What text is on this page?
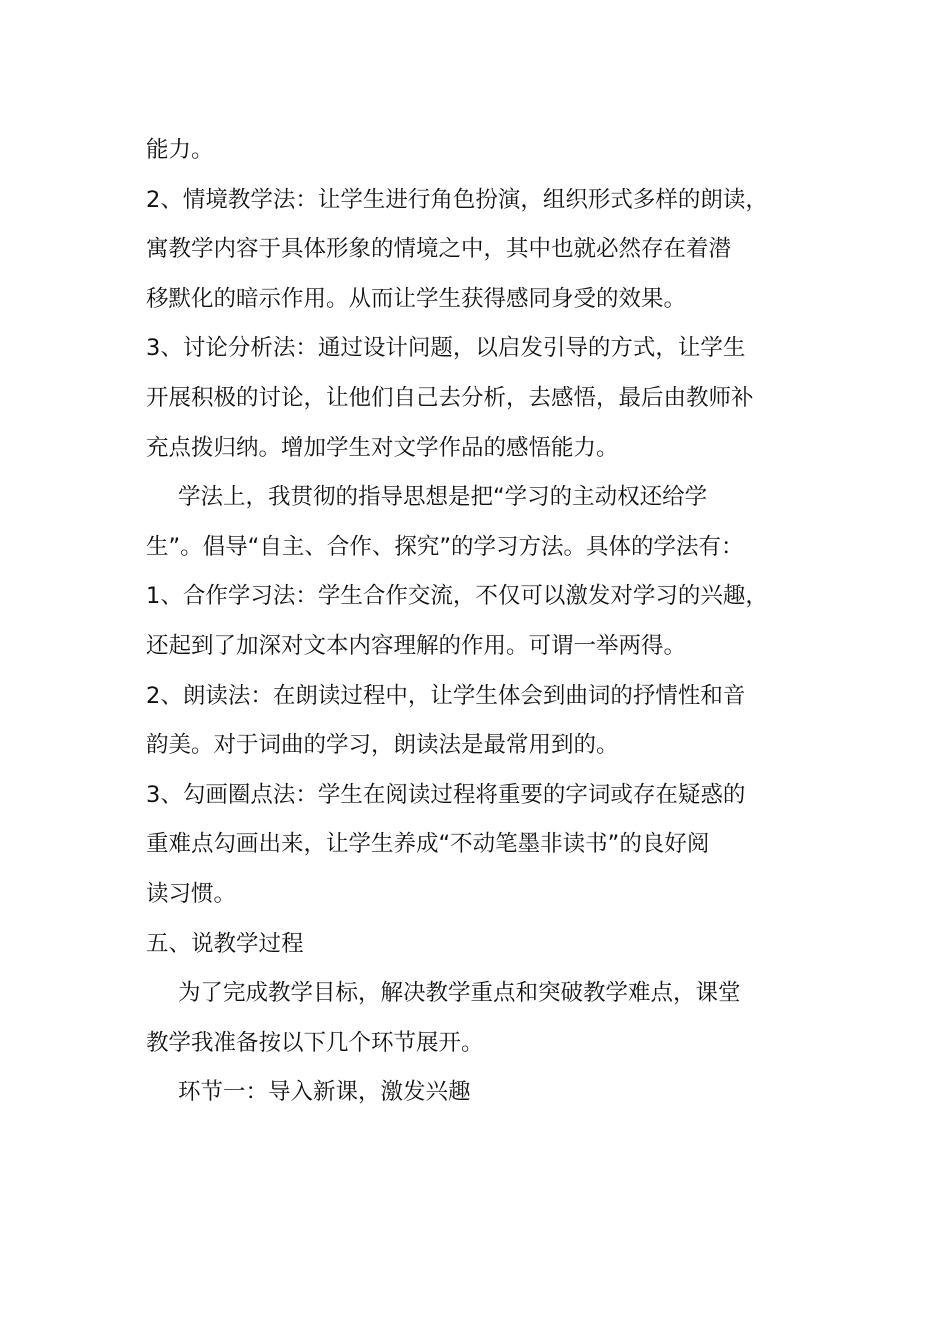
能力。
2、情境教学法：让学生进行角色扮演，组织形式多样的朗读，
寓教学内容于具体形象的情境之中，其中也就必然存在着潜
移默化的暗示作用。从而让学生获得感同身受的效果。
3、讨论分析法：通过设计问题，以启发引导的方式，让学生
开展积极的讨论，让他们自己去分析，去感悟，最后由教师补
充点拨归纳。增加学生对文学作品的感悟能力。
学法上，我贯彻的指导思想是把“学习的主动权还给学
生”。倡导“自主、合作、探究”的学习方法。具体的学法有：
1、合作学习法：学生合作交流，不仅可以激发对学习的兴趣，
还起到了加深对文本内容理解的作用。可谓一举两得。
2、朗读法：在朗读过程中，让学生体会到曲词的抒情性和音
韵美。对于词曲的学习，朗读法是最常用到的。
3、勾画圈点法：学生在阅读过程将重要的字词或存在疑惑的
重难点勾画出来，让学生养成“不动笔墨非读书”的良好阅
读习惯。
五、说教学过程
为了完成教学目标，解决教学重点和突破教学难点，课堂
教学我准备按以下几个环节展开。
环节一：导入新课，激发兴趣
